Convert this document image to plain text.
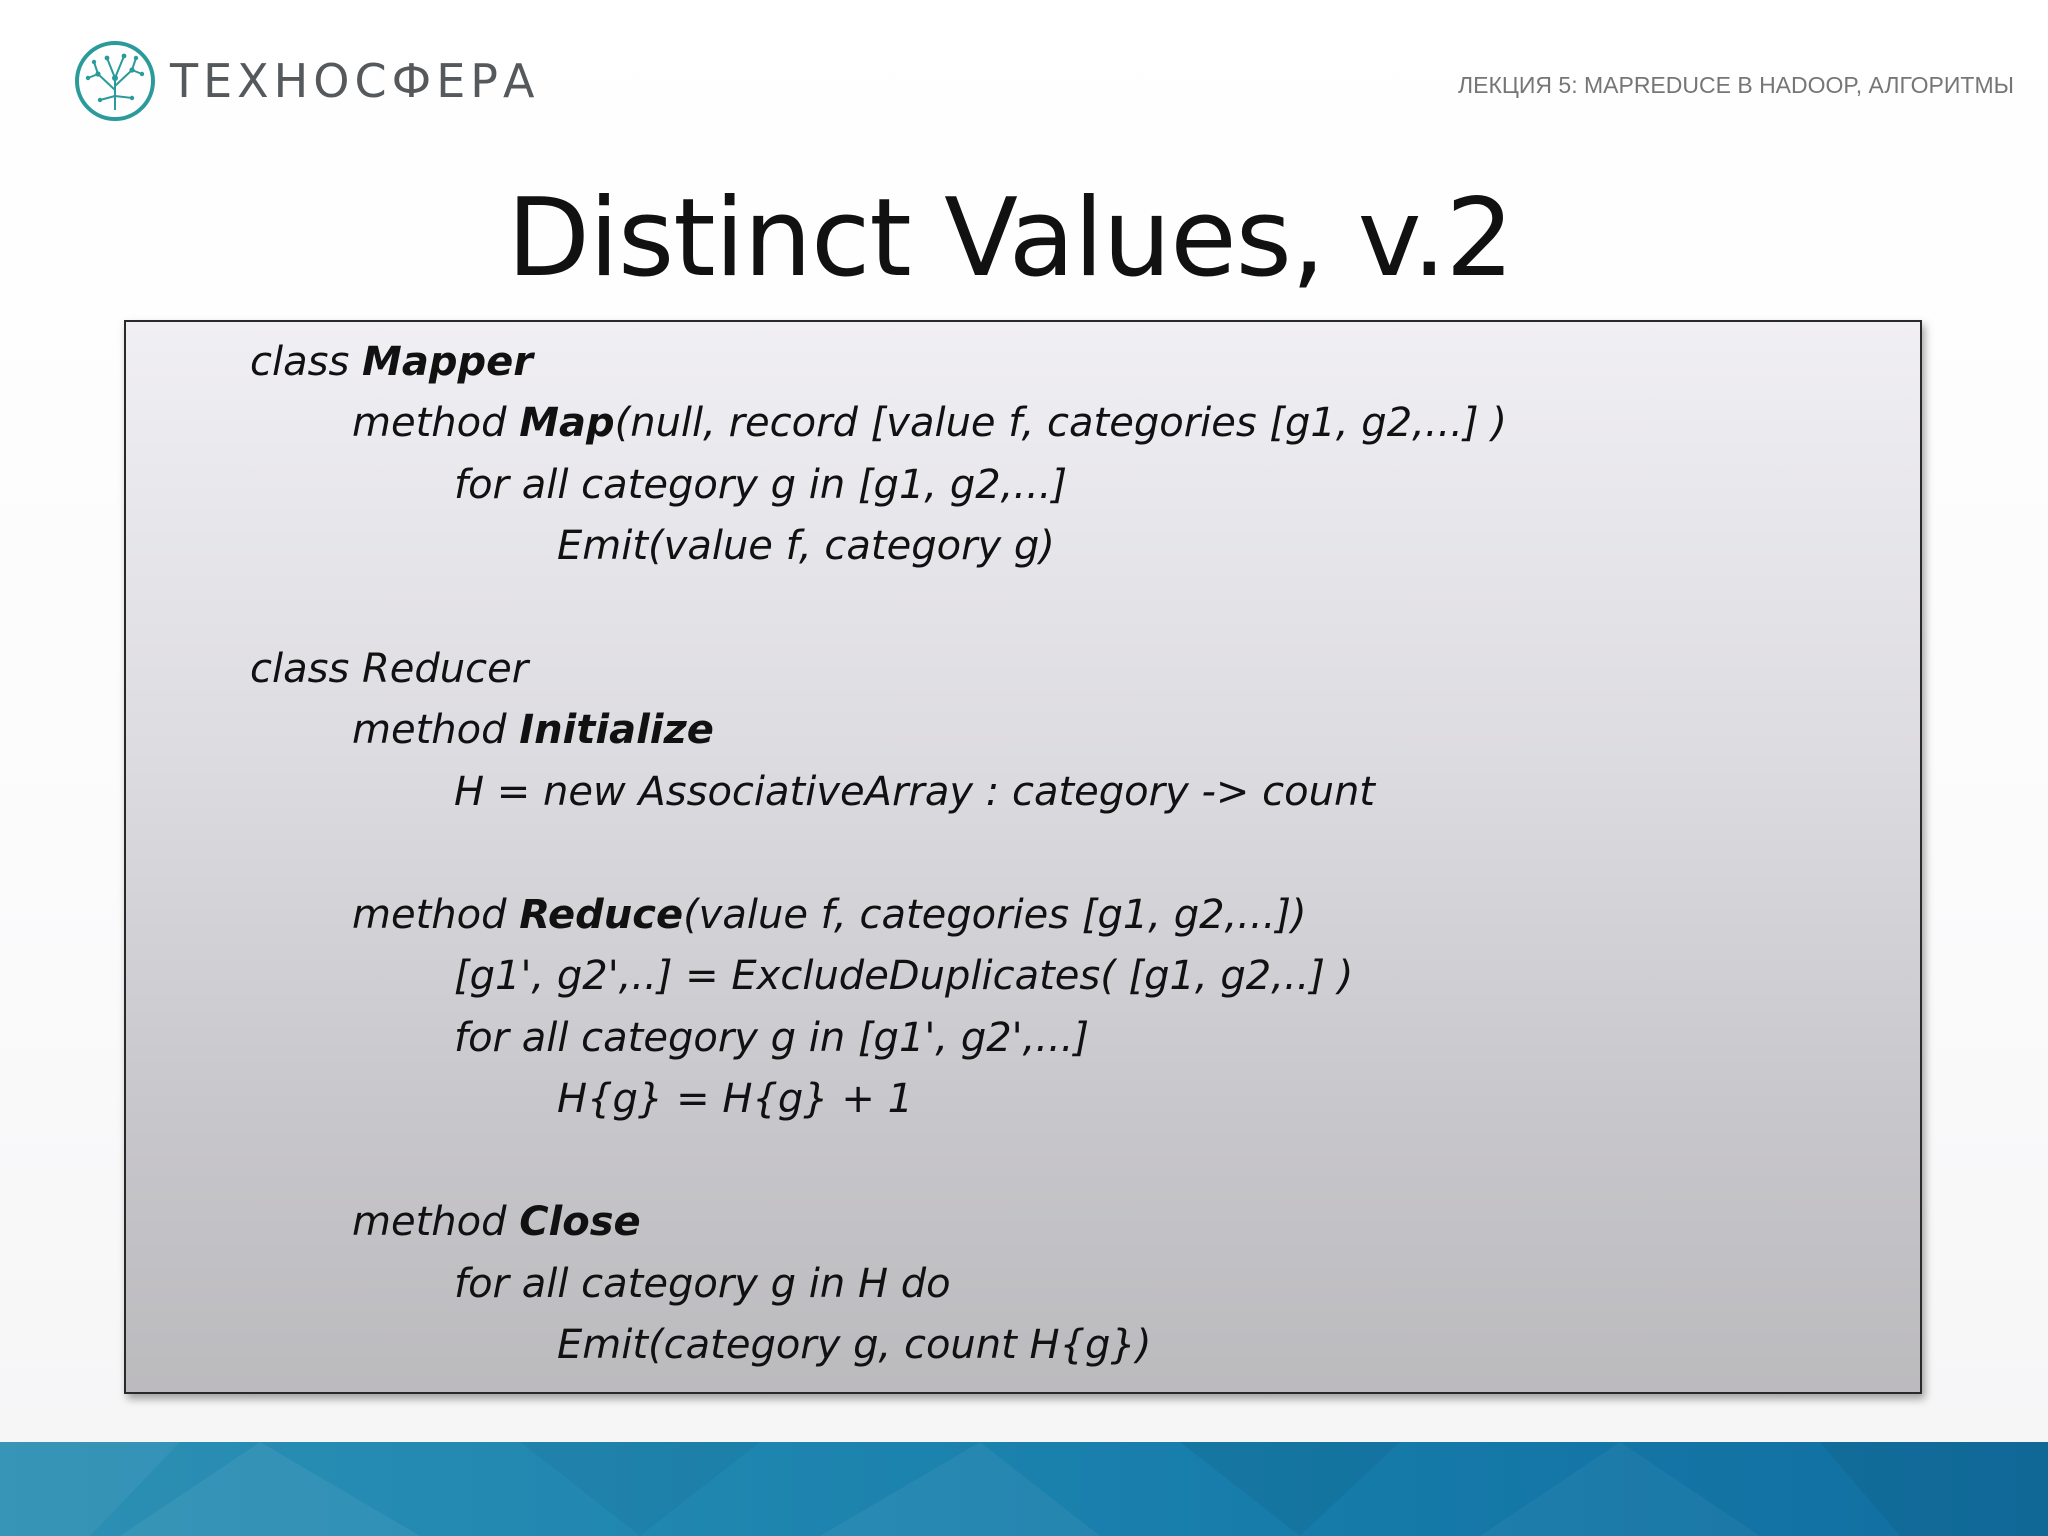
ТЕХНОСФЕРА	ЛЕКЦИЯ 5: MAPREDUCE В HADOOP, АЛГОРИТМЫ
Distinct Values, v.2
class Mapper
method Map(null, record [value f, categories [g1, g2,...] )
for all category g in [g1, g2,...]
Emit(value f, category g)
class Reducer
method Initialize
H = new AssociativeArray : category -> count
method Reduce(value f, categories [g1, g2,...])
[g1', g2',..] = ExcludeDuplicates( [g1, g2,..] )
for all category g in [g1', g2',...]
H{g} = H{g} + 1
method Close
for all category g in H do
Emit(category g, count H{g})
